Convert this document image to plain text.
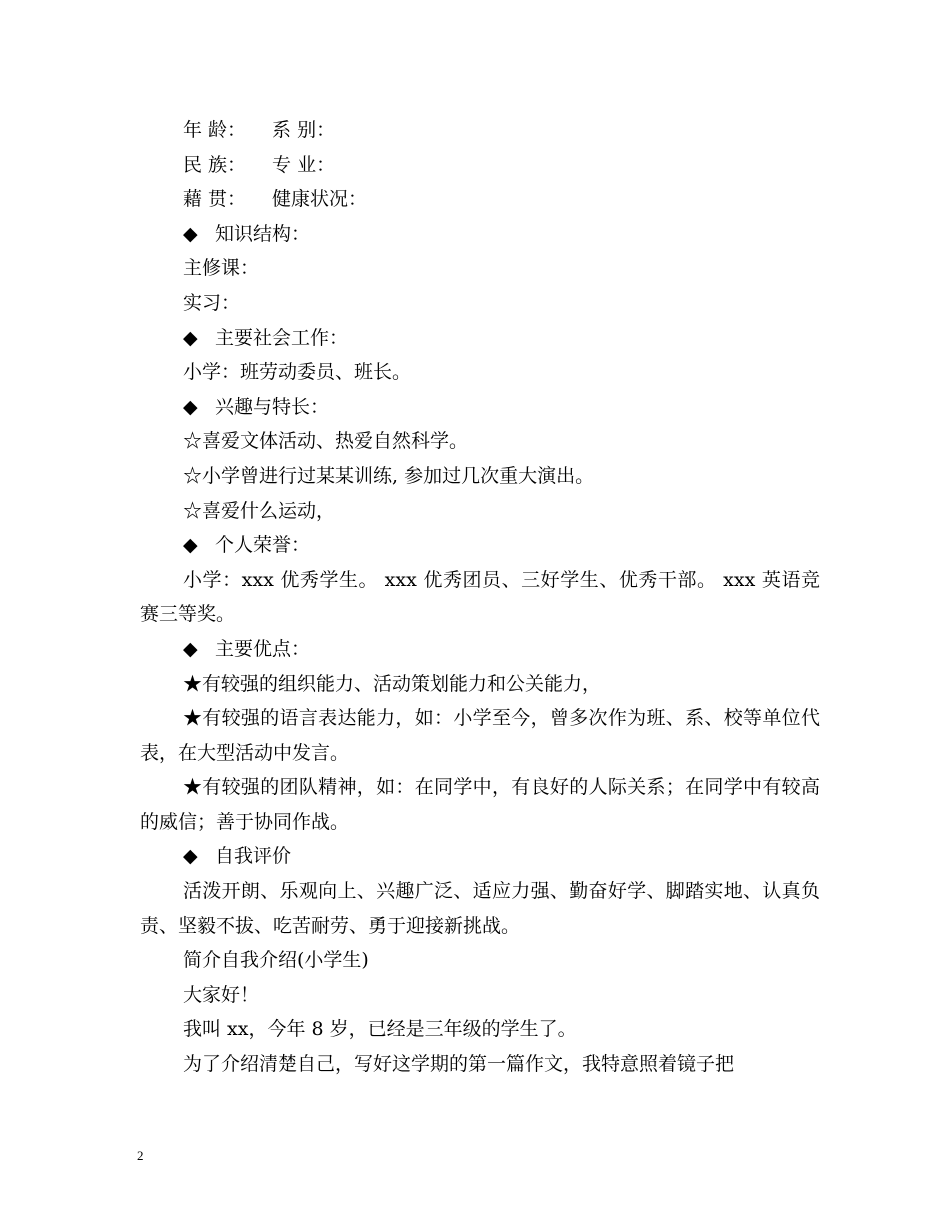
年 龄： 系 别：
民 族： 专 业：
藉 贯： 健康状况：
◆ 知识结构：
主修课：
实习：
◆ 主要社会工作：
小学：班劳动委员、班长。
◆ 兴趣与特长：
☆喜爱文体活动、热爱自然科学。
☆小学曾进行过某某训练, 参加过几次重大演出。
☆喜爱什么运动，
◆ 个人荣誉：
小学：xxx 优秀学生。 xxx 优秀团员、三好学生、优秀干部。 xxx 英语竞赛三等奖。
◆ 主要优点：
★有较强的组织能力、活动策划能力和公关能力，
★有较强的语言表达能力，如：小学至今，曾多次作为班、系、校等单位代表，在大型活动中发言。
★有较强的团队精神，如：在同学中，有良好的人际关系；在同学中有较高的威信；善于协同作战。
◆ 自我评价
活泼开朗、乐观向上、兴趣广泛、适应力强、勤奋好学、脚踏实地、认真负责、坚毅不拔、吃苦耐劳、勇于迎接新挑战。
简介自我介绍(小学生)
大家好！
我叫 xx，今年 8 岁，已经是三年级的学生了。
为了介绍清楚自己，写好这学期的第一篇作文，我特意照着镜子把
2
